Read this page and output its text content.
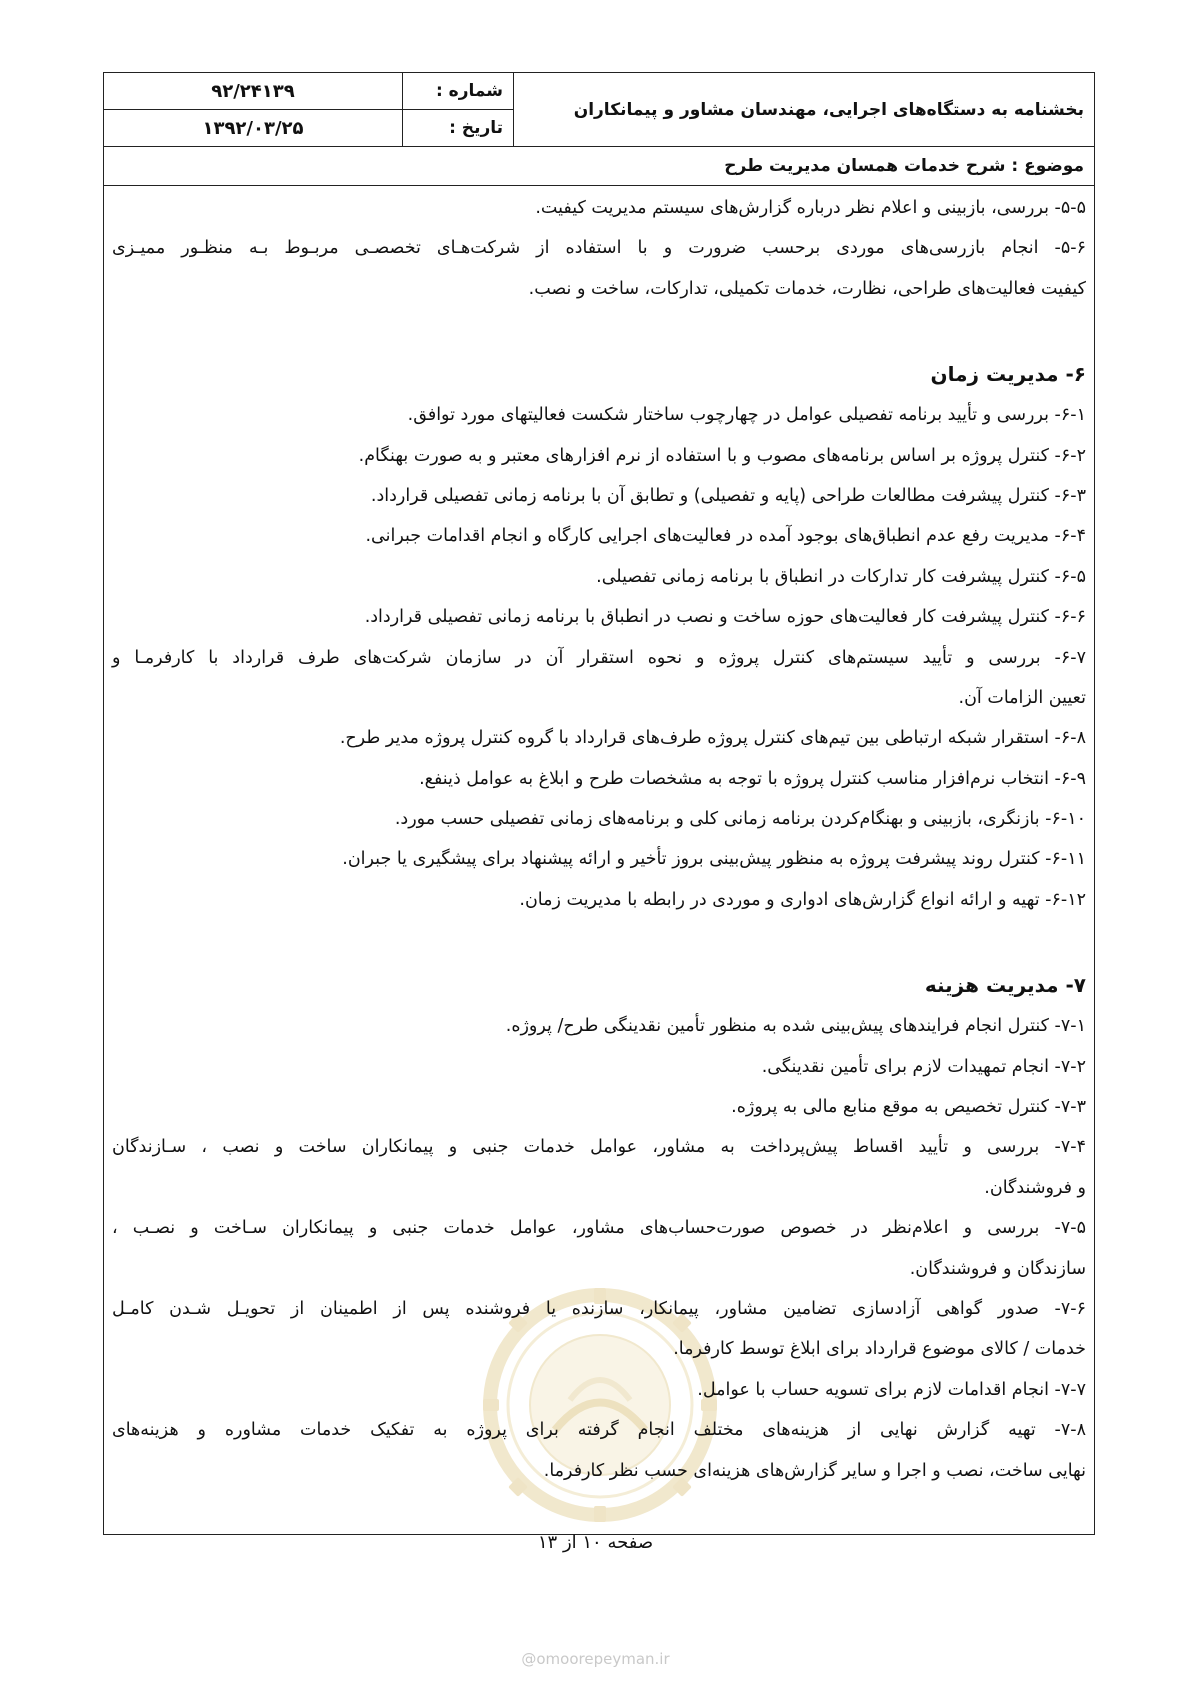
بخشنامه به دستگاه‌های اجرایی، مهندسان مشاور و پیمانکاران	شماره :	۹۲/۲۴۱۳۹
	تاریخ :	۱۳۹۲/۰۳/۲۵
موضوع : شرح خدمات همسان مدیریت طرح		
۵-۵- بررسی، بازبینی و اعلام نظر درباره گزارش‌های سیستم مدیریت کیفیت.
۵-۶- انجام بازرسی‌های موردی برحسب ضرورت و با استفاده از شرکت‌هـای تخصصـی مربـوط بـه منظـور ممیـزی
کیفیت فعالیت‌های طراحی، نظارت، خدمات تکمیلی، تدارکات، ساخت و نصب.
۶- مدیریت زمان
۶-۱- بررسی و تأیید برنامه تفصیلی عوامل در چهارچوب ساختار شکست فعالیتهای مورد توافق.
۶-۲- کنترل پروژه بر اساس برنامه‌های مصوب و با استفاده از نرم افزارهای معتبر و به صورت بهنگام.
۶-۳- کنترل پیشرفت مطالعات طراحی (پایه و تفصیلی) و تطابق آن با برنامه زمانی تفصیلی قرارداد.
۶-۴- مدیریت رفع عدم انطباق‌های بوجود آمده در فعالیت‌های اجرایی کارگاه و انجام اقدامات جبرانی.
۶-۵- کنترل پیشرفت کار تدارکات در انطباق با برنامه زمانی تفصیلی.
۶-۶- کنترل پیشرفت کار فعالیت‌های حوزه ساخت و نصب در انطباق با برنامه زمانی تفصیلی قرارداد.
۶-۷- بررسی و تأیید سیستم‌های کنترل پروژه و نحوه استقرار آن در سازمان شرکت‌های طرف قرارداد با کارفرمـا و
تعیین الزامات آن.
۶-۸- استقرار شبکه ارتباطی بین تیم‌های کنترل پروژه طرف‌های قرارداد با گروه کنترل پروژه مدیر طرح.
۶-۹- انتخاب نرم‌افزار مناسب کنترل پروژه با توجه به مشخصات طرح و ابلاغ به عوامل ذینفع.
۶-۱۰- بازنگری، بازبینی و بهنگام‌کردن برنامه زمانی کلی و برنامه‌های زمانی تفصیلی حسب مورد.
۶-۱۱- کنترل روند پیشرفت پروژه به منظور پیش‌بینی بروز تأخیر و ارائه پیشنهاد برای پیشگیری یا جبران.
۶-۱۲- تهیه و ارائه انواع گزارش‌های ادواری و موردی در رابطه با مدیریت زمان.
۷- مدیریت هزینه
۷-۱- کنترل انجام فرایندهای پیش‌بینی شده به منظور تأمین نقدینگی طرح/ پروژه.
۷-۲- انجام تمهیدات لازم برای تأمین نقدینگی.
۷-۳- کنترل تخصیص به موقع منابع مالی به پروژه.
۷-۴- بررسی و تأیید اقساط پیش‌پرداخت به مشاور، عوامل خدمات جنبی و پیمانکاران ساخت و نصب ، سـازندگان
و فروشندگان.
۷-۵- بررسی و اعلام‌نظر در خصوص صورت‌حساب‌های مشاور، عوامل خدمات جنبی و پیمانکاران سـاخت و نصـب ،
سازندگان و فروشندگان.
۷-۶- صدور گواهی آزادسازی تضامین مشاور، پیمانکار، سازنده یا فروشنده پس از اطمینان از تحویـل شـدن کامـل
خدمات / کالای موضوع قرارداد برای ابلاغ توسط کارفرما.
۷-۷- انجام اقدامات لازم برای تسویه حساب با عوامل.
۷-۸- تهیه گزارش نهایی از هزینه‌های مختلف انجام گرفته برای پروژه به تفکیک خدمات مشاوره و هزینه‌های
نهایی ساخت، نصب و اجرا و سایر گزارش‌های هزینه‌ای حسب نظر کارفرما.
صفحه ۱۰ از ۱۳
@omoorepeyman.ir
